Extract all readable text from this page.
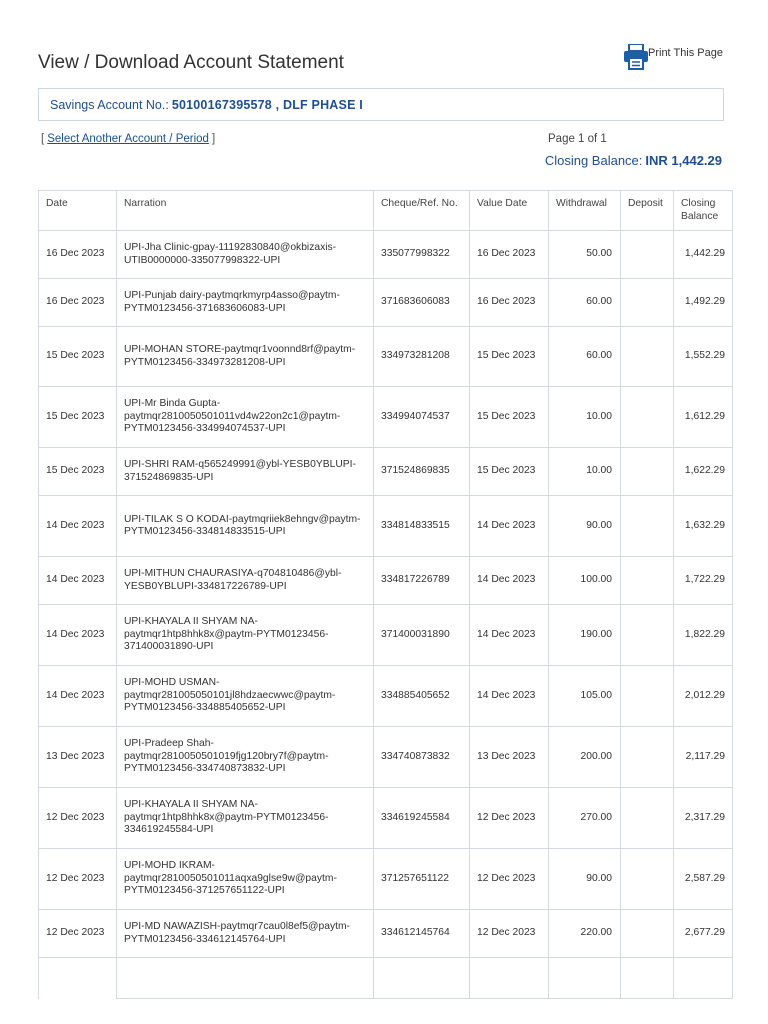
View / Download Account Statement	Print This Page
Savings Account No.: 50100167395578 , DLF PHASE I
[ Select Another Account / Period ]	Page 1 of 1
Closing Balance: INR 1,442.29
Date	Narration	Cheque/Ref. No.	Value Date	Withdrawal	Deposit	Closing Balance
16 Dec 2023	UPI-Jha Clinic-gpay-11192830840@okbizaxis-UTIB0000000-335077998322-UPI	335077998322	16 Dec 2023	50.00		1,442.29
16 Dec 2023	UPI-Punjab dairy-paytmqrkmyrp4asso@paytm-PYTM0123456-371683606083-UPI	371683606083	16 Dec 2023	60.00		1,492.29
15 Dec 2023	UPI-MOHAN STORE-paytmqr1voonnd8rf@paytm-PYTM0123456-334973281208-UPI	334973281208	15 Dec 2023	60.00		1,552.29
15 Dec 2023	UPI-Mr Binda Gupta-paytmqr2810050501011vd4w22on2c1@paytm-PYTM0123456-334994074537-UPI	334994074537	15 Dec 2023	10.00		1,612.29
15 Dec 2023	UPI-SHRI RAM-q565249991@ybl-YESB0YBLUPI-371524869835-UPI	371524869835	15 Dec 2023	10.00		1,622.29
14 Dec 2023	UPI-TILAK S O KODAI-paytmqriiek8ehngv@paytm-PYTM0123456-334814833515-UPI	334814833515	14 Dec 2023	90.00		1,632.29
14 Dec 2023	UPI-MITHUN CHAURASIYA-q704810486@ybl-YESB0YBLUPI-334817226789-UPI	334817226789	14 Dec 2023	100.00		1,722.29
14 Dec 2023	UPI-KHAYALA II SHYAM NA-paytmqr1htp8hhk8x@paytm-PYTM0123456-371400031890-UPI	371400031890	14 Dec 2023	190.00		1,822.29
14 Dec 2023	UPI-MOHD USMAN-paytmqr281005050101jl8hdzaecwwc@paytm-PYTM0123456-334885405652-UPI	334885405652	14 Dec 2023	105.00		2,012.29
13 Dec 2023	UPI-Pradeep Shah-paytmqr2810050501019fjg120bry7f@paytm-PYTM0123456-334740873832-UPI	334740873832	13 Dec 2023	200.00		2,117.29
12 Dec 2023	UPI-KHAYALA II SHYAM NA-paytmqr1htp8hhk8x@paytm-PYTM0123456-334619245584-UPI	334619245584	12 Dec 2023	270.00		2,317.29
12 Dec 2023	UPI-MOHD IKRAM-paytmqr2810050501011aqxa9glse9w@paytm-PYTM0123456-371257651122-UPI	371257651122	12 Dec 2023	90.00		2,587.29
12 Dec 2023	UPI-MD NAWAZISH-paytmqr7cau0l8ef5@paytm-PYTM0123456-334612145764-UPI	334612145764	12 Dec 2023	220.00		2,677.29
